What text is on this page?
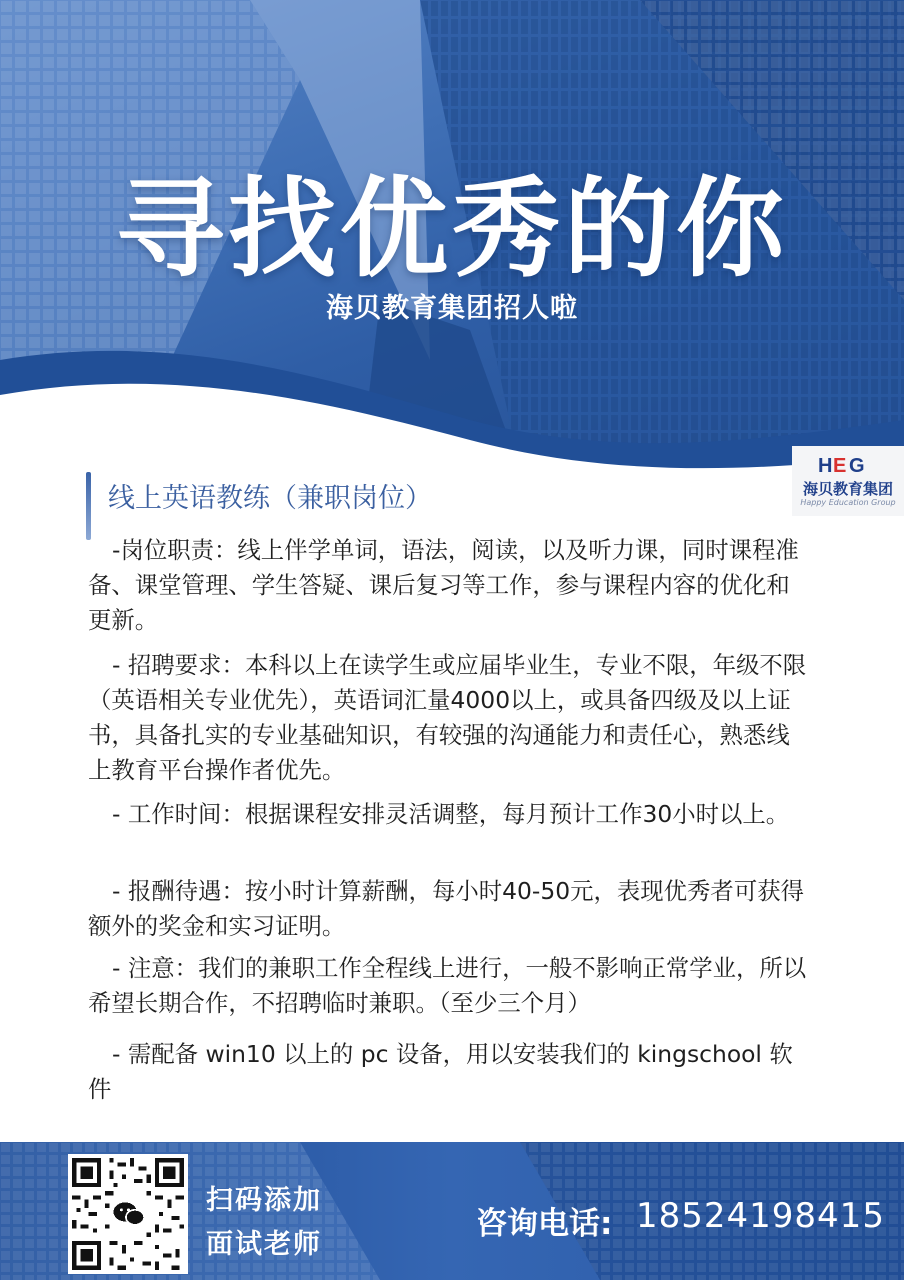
寻找优秀的你
海贝教育集团招人啦
H E G
海贝教育集团
Happy Education Group
线上英语教练（兼职岗位）

-岗位职责：线上伴学单词，语法，阅读，以及听力课，同时课程准备、课堂管理、学生答疑、课后复习等工作，参与课程内容的优化和更新。

- 招聘要求：本科以上在读学生或应届毕业生，专业不限，年级不限（英语相关专业优先），英语词汇量4000以上，或具备四级及以上证书，具备扎实的专业基础知识，有较强的沟通能力和责任心，熟悉线上教育平台操作者优先。

- 工作时间：根据课程安排灵活调整，每月预计工作30小时以上。

- 报酬待遇：按小时计算薪酬，每小时40-50元，表现优秀者可获得额外的奖金和实习证明。

- 注意：我们的兼职工作全程线上进行，一般不影响正常学业，所以希望长期合作，不招聘临时兼职。（至少三个月）

- 需配备 win10 以上的 pc 设备，用以安装我们的 kingschool 软件

扫码添加
面试老师
咨询电话: 18524198415
